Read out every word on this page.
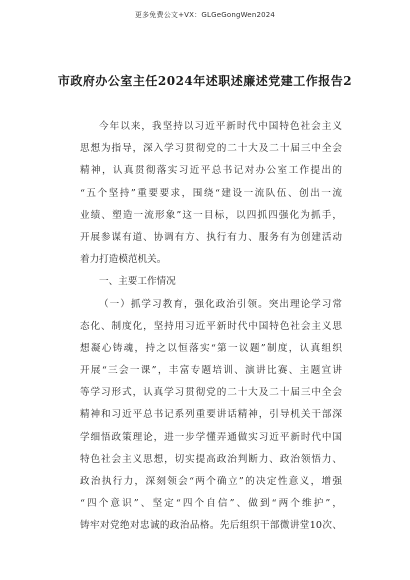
更多免费公文+VX：GLGeGongWen2024
市政府办公室主任2024年述职述廉述党建工作报告2
今年以来，我坚持以习近平新时代中国特色社会主义
思想为指导，深入学习贯彻党的二十大及二十届三中全会
精神，认真贯彻落实习近平总书记对办公室工作提出的
“五个坚持”重要要求，围绕“建设一流队伍、创出一流
业绩、塑造一流形象”这一目标，以四抓四强化为抓手，
开展参谋有道、协调有方、执行有力、服务有为创建活动
着力打造模范机关。
一、主要工作情况
（一）抓学习教育，强化政治引领。突出理论学习常
态化、制度化，坚持用习近平新时代中国特色社会主义思
想凝心铸魂，持之以恒落实“第一议题”制度，认真组织
开展“三会一课”，丰富专题培训、演讲比赛、主题宣讲
等学习形式，认真学习贯彻党的二十大及二十届三中全会
精神和习近平总书记系列重要讲话精神，引导机关干部深
学细悟政策理论，进一步学懂弄通做实习近平新时代中国
特色社会主义思想，切实提高政治判断力、政治领悟力、
政治执行力，深刻领会“两个确立”的决定性意义，增强
“四个意识”、坚定“四个自信”、做到“两个维护”，
铸牢对党绝对忠诚的政治品格。先后组织干部微讲堂10次、
